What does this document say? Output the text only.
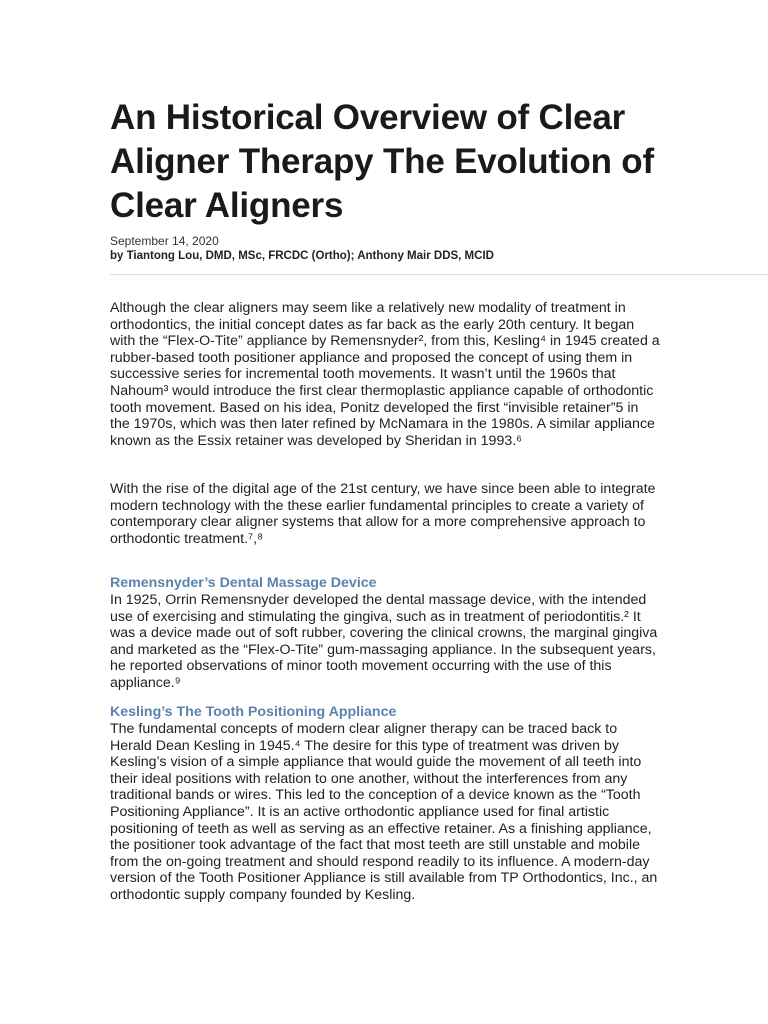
An Historical Overview of Clear Aligner Therapy The Evolution of Clear Aligners
September 14, 2020
by Tiantong Lou, DMD, MSc, FRCDC (Ortho); Anthony Mair DDS, MCID

Although the clear aligners may seem like a relatively new modality of treatment in orthodontics, the initial concept dates as far back as the early 20th century. It began with the “Flex-O-Tite” appliance by Remensnyder², from this, Kesling⁴ in 1945 created a rubber-based tooth positioner appliance and proposed the concept of using them in successive series for incremental tooth movements. It wasn’t until the 1960s that Nahoum³ would introduce the first clear thermoplastic appliance capable of orthodontic tooth movement. Based on his idea, Ponitz developed the first “invisible retainer”5 in the 1970s, which was then later refined by McNamara in the 1980s. A similar appliance known as the Essix retainer was developed by Sheridan in 1993.⁶

With the rise of the digital age of the 21st century, we have since been able to integrate modern technology with the these earlier fundamental principles to create a variety of contemporary clear aligner systems that allow for a more comprehensive approach to orthodontic treatment.⁷,⁸

Remensnyder’s Dental Massage Device

In 1925, Orrin Remensnyder developed the dental massage device, with the intended use of exercising and stimulating the gingiva, such as in treatment of periodontitis.² It was a device made out of soft rubber, covering the clinical crowns, the marginal gingiva and marketed as the “Flex-O-Tite” gum-massaging appliance. In the subsequent years, he reported observations of minor tooth movement occurring with the use of this appliance.⁹

Kesling’s The Tooth Positioning Appliance

The fundamental concepts of modern clear aligner therapy can be traced back to Herald Dean Kesling in 1945.⁴ The desire for this type of treatment was driven by Kesling’s vision of a simple appliance that would guide the movement of all teeth into their ideal positions with relation to one another, without the interferences from any traditional bands or wires. This led to the conception of a device known as the “Tooth Positioning Appliance”. It is an active orthodontic appliance used for final artistic positioning of teeth as well as serving as an effective retainer. As a finishing appliance, the positioner took advantage of the fact that most teeth are still unstable and mobile from the on-going treatment and should respond readily to its influence. A modern-day version of the Tooth Positioner Appliance is still available from TP Orthodontics, Inc., an orthodontic supply company founded by Kesling.
